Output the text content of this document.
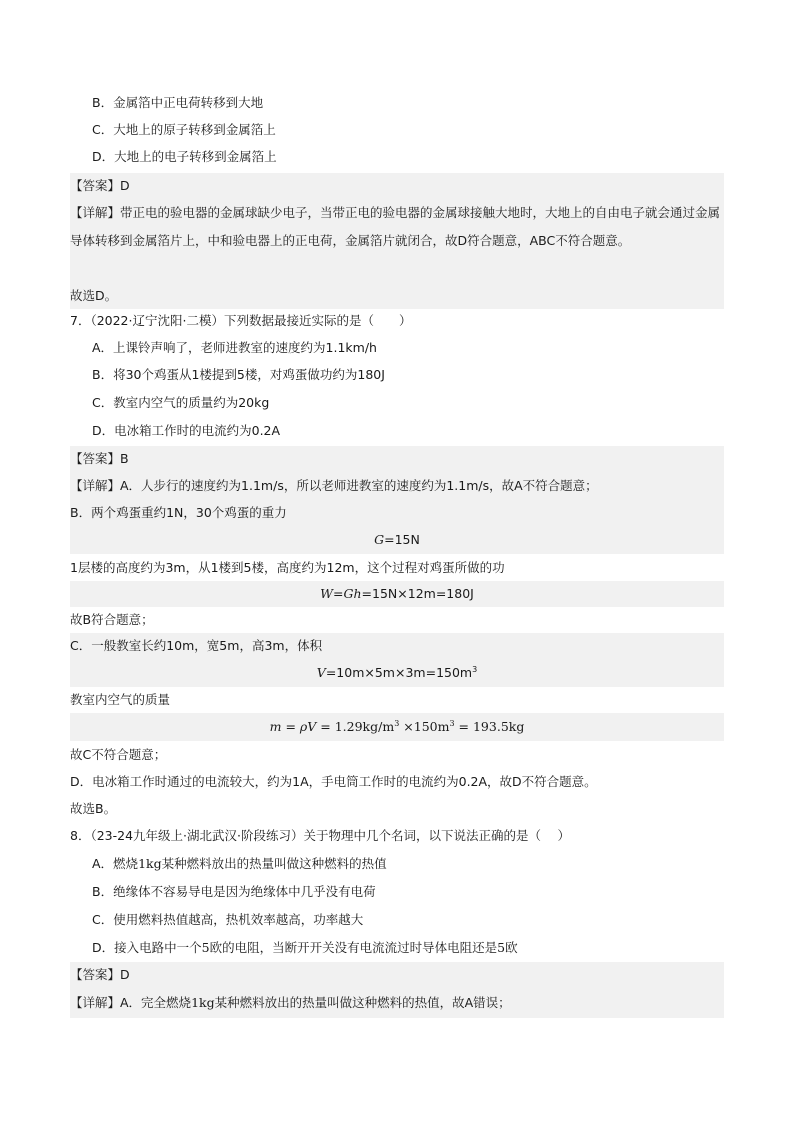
B．金属箔中正电荷转移到大地
C．大地上的原子转移到金属箔上
D．大地上的电子转移到金属箔上
【答案】D
【详解】带正电的验电器的金属球缺少电子，当带正电的验电器的金属球接触大地时，大地上的自由电子就会通过金属导体转移到金属箔片上，中和验电器上的正电荷，金属箔片就闭合，故D符合题意，ABC不符合题意。
故选D。
7．（2022·辽宁沈阳·二模）下列数据最接近实际的是（　　）
A．上课铃声响了，老师进教室的速度约为1.1km/h
B．将30个鸡蛋从1楼提到5楼，对鸡蛋做功约为180J
C．教室内空气的质量约为20kg
D．电冰箱工作时的电流约为0.2A
【答案】B
【详解】A．人步行的速度约为1.1m/s，所以老师进教室的速度约为1.1m/s，故A不符合题意；
B．两个鸡蛋重约1N，30个鸡蛋的重力
G=15N
1层楼的高度约为3m，从1楼到5楼，高度约为12m，这个过程对鸡蛋所做的功
W=Gh=15N×12m=180J
故B符合题意；
C．一般教室长约10m，宽5m，高3m，体积
$V=10m\times 5m\times 3m=150m^3$
教室内空气的质量
$m = \rho V = 1.29kg/m^3 \times 150m^3 = 193.5kg$
故C不符合题意；
D．电冰箱工作时通过的电流较大，约为1A，手电筒工作时的电流约为0.2A，故D不符合题意。
故选B。
8．（23-24九年级上·湖北武汉·阶段练习）关于物理中几个名词，以下说法正确的是（　 ）
A．燃烧1kg某种燃料放出的热量叫做这种燃料的热值
B．绝缘体不容易导电是因为绝缘体中几乎没有电荷
C．使用燃料热值越高，热机效率越高，功率越大
D．接入电路中一个5欧的电阻，当断开开关没有电流流过时导体电阻还是5欧
【答案】D
【详解】A．完全燃烧1kg某种燃料放出的热量叫做这种燃料的热值，故A错误；
